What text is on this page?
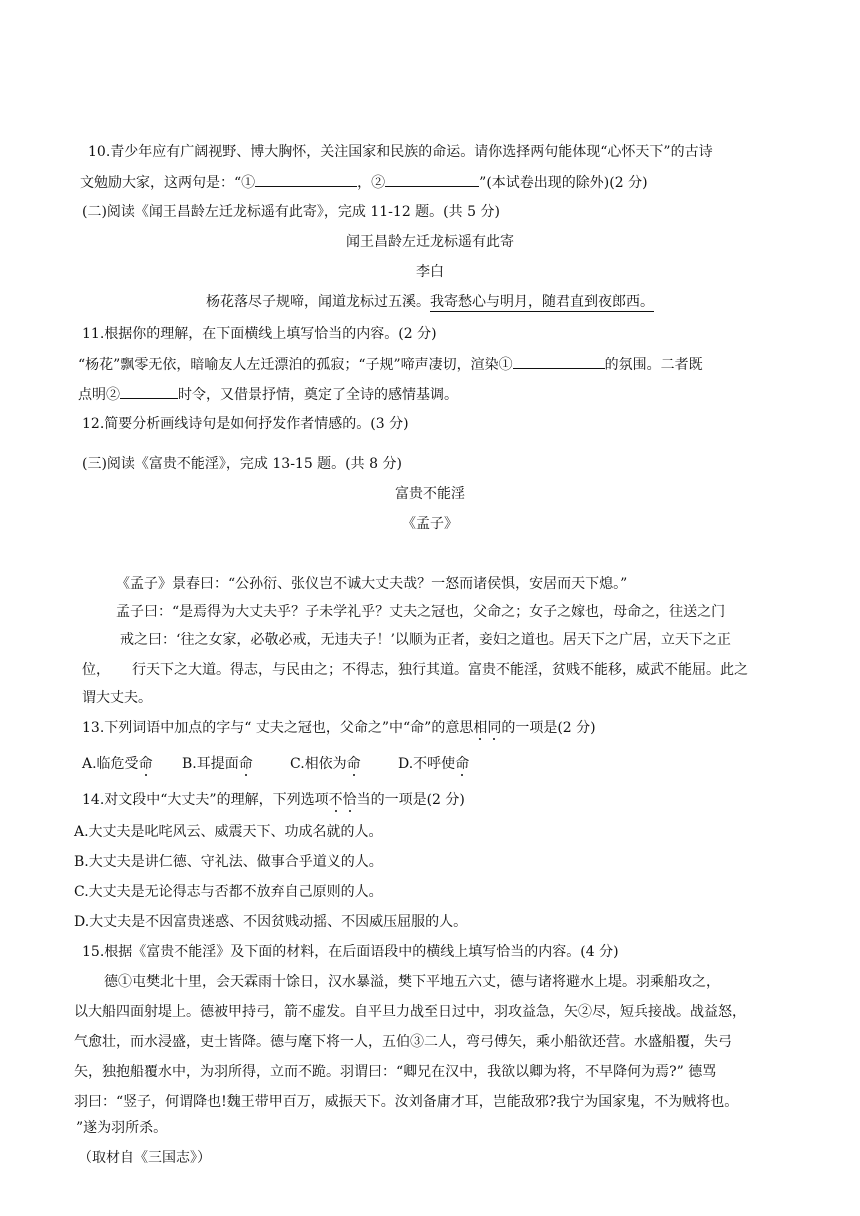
10.青少年应有广阔视野、博大胸怀，关注国家和民族的命运。请你选择两句能体现“心怀天下”的古诗
文勉励大家，这两句是：“①	，②	”(本试卷出现的除外)(2 分)
(二)阅读《闻王昌龄左迁龙标遥有此寄》，完成 11-12 题。(共 5 分)
闻王昌龄左迁龙标遥有此寄
李白
杨花落尽子规啼，闻道龙标过五溪。我寄愁心与明月，随君直到夜郎西。
11.根据你的理解，在下面横线上填写恰当的内容。(2 分)
“杨花”飘零无依，暗喻友人左迁漂泊的孤寂；“子规”啼声凄切，渲染①	的氛围。二者既
点明②	时令，又借景抒情，奠定了全诗的感情基调。
12.简要分析画线诗句是如何抒发作者情感的。(3 分)
(三)阅读《富贵不能淫》，完成 13-15 题。(共 8 分)
富贵不能淫
《孟子》
《孟子》景春曰：“公孙衍、张仪岂不诚大丈夫哉？一怒而诸侯惧，安居而天下熄。”
孟子曰：“是焉得为大丈夫乎？子未学礼乎？丈夫之冠也，父命之；女子之嫁也，母命之，往送之门
戒之曰：‘往之女家，必敬必戒，无违夫子！’以顺为正者，妾妇之道也。居天下之广居，立天下之正
位， 行天下之大道。得志，与民由之；不得志，独行其道。富贵不能淫，贫贱不能移，威武不能屈。此之
谓大丈夫。
13.下列词语中加点的字与“ 丈夫之冠也，父命之”中“命”的意思相同的一项是(2 分)
A.临危受命 B.耳提面命	C.相依为命	D.不呼使命
14.对文段中“大丈夫”的理解，下列选项不恰当的一项是(2 分)
A.大丈夫是叱咤风云、威震天下、功成名就的人。
B.大丈夫是讲仁德、守礼法、做事合乎道义的人。
C.大丈夫是无论得志与否都不放弃自己原则的人。
D.大丈夫是不因富贵迷惑、不因贫贱动摇、不因威压屈服的人。
15.根据《富贵不能淫》及下面的材料，在后面语段中的横线上填写恰当的内容。(4 分)
德①屯樊北十里，会天霖雨十馀日，汉水暴溢，樊下平地五六丈，德与诸将避水上堤。羽乘船攻之，
以大船四面射堤上。德被甲持弓，箭不虚发。自平旦力战至日过中，羽攻益急，矢②尽，短兵接战。战益怒，
气愈壮，而水浸盛，吏士皆降。德与麾下将一人，五伯③二人，弯弓傅矢，乘小船欲还营。水盛船覆，失弓
矢，独抱船覆水中，为羽所得，立而不跪。羽谓曰：“卿兄在汉中，我欲以卿为将，不早降何为焉?” 德骂
羽曰：“竖子，何谓降也!魏王带甲百万，威振天下。汝刘备庸才耳，岂能敌邪?我宁为国家鬼，不为贼将也。
”遂为羽所杀。
（取材自《三国志》）
